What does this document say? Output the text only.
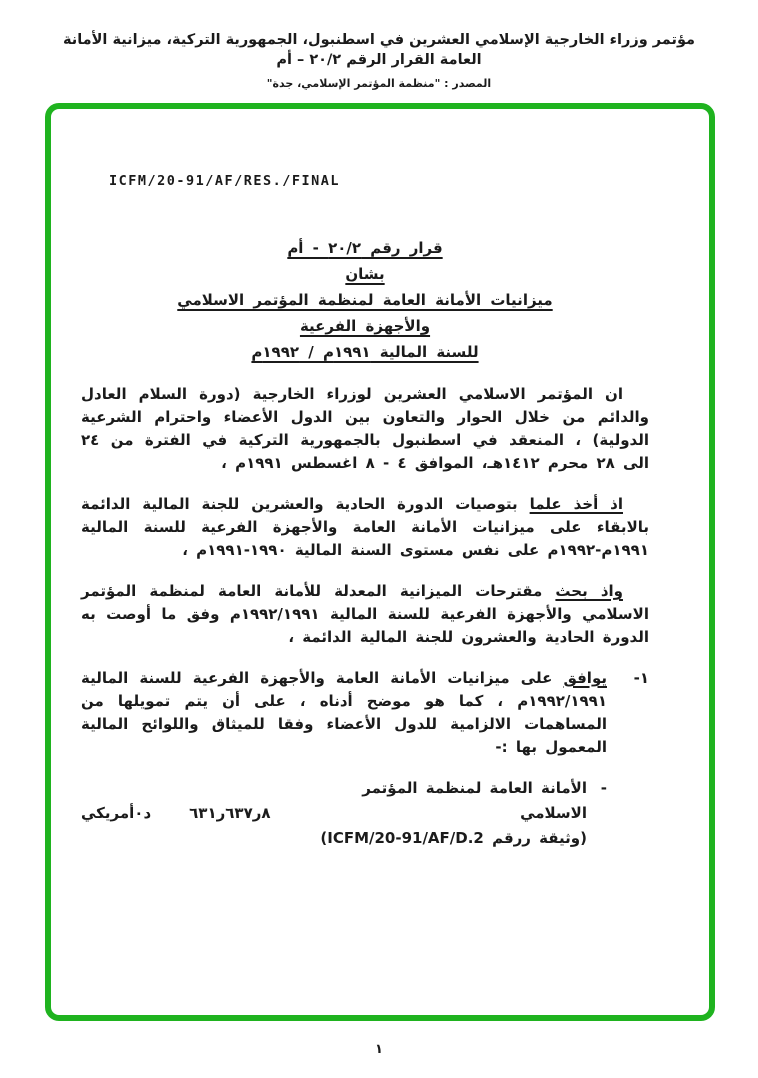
مؤتمر وزراء الخارجية الإسلامي العشرين في اسطنبول، الجمهورية التركية، ميزانية الأمانة العامة القرار الرقم ٢٠/٢ – أم
المصدر : "منظمة المؤتمر الإسلامي، جدة"
ICFM/20-91/AF/RES./FINAL
قرار رقم ٢٠/٢ - أم
بشان
ميزانيات الأمانة العامة لمنظمة المؤتمر الاسلامي
والأجهزة الفرعية
للسنة المالية ١٩٩١م / ١٩٩٢م

ان المؤتمر الاسلامي العشرين لوزراء الخارجية (دورة السلام العادل والدائم من خلال الحوار والتعاون بين الدول الأعضاء واحترام الشرعية الدولية) ، المنعقد في اسطنبول بالجمهورية التركية في الفترة من ٢٤ الى ٢٨ محرم ١٤١٢هـ، الموافق ٤ - ٨ اغسطس ١٩٩١م ،

اذ أخذ علما بتوصيات الدورة الحادية والعشرين للجنة المالية الدائمة بالابقاء على ميزانيات الأمانة العامة والأجهزة الفرعية للسنة المالية ١٩٩١م-١٩٩٢م على نفس مستوى السنة المالية ١٩٩٠-١٩٩١م ،

واذ بحث مقترحات الميزانية المعدلة للأمانة العامة لمنظمة المؤتمر الاسلامي والأجهزة الفرعية للسنة المالية ١٩٩٢/١٩٩١م وفق ما أوصت به الدورة الحادية والعشرون للجنة المالية الدائمة ،

١-
يوافق على ميزانيات الأمانة العامة والأجهزة الفرعية للسنة المالية ١٩٩٢/١٩٩١م ، كما هو موضح أدناه ، على أن يتم تمويلها من المساهمات الالزامية للدول الأعضاء وفقا للميثاق واللوائح المالية المعمول بها :-

-
الأمانة العامة لمنظمة المؤتمر
الاسلامي
٨ر٦٣٧ر٦٣١
د٠أمريكي
(وثيقة ررقم ICFM/20-91/AF/D.2)
١
